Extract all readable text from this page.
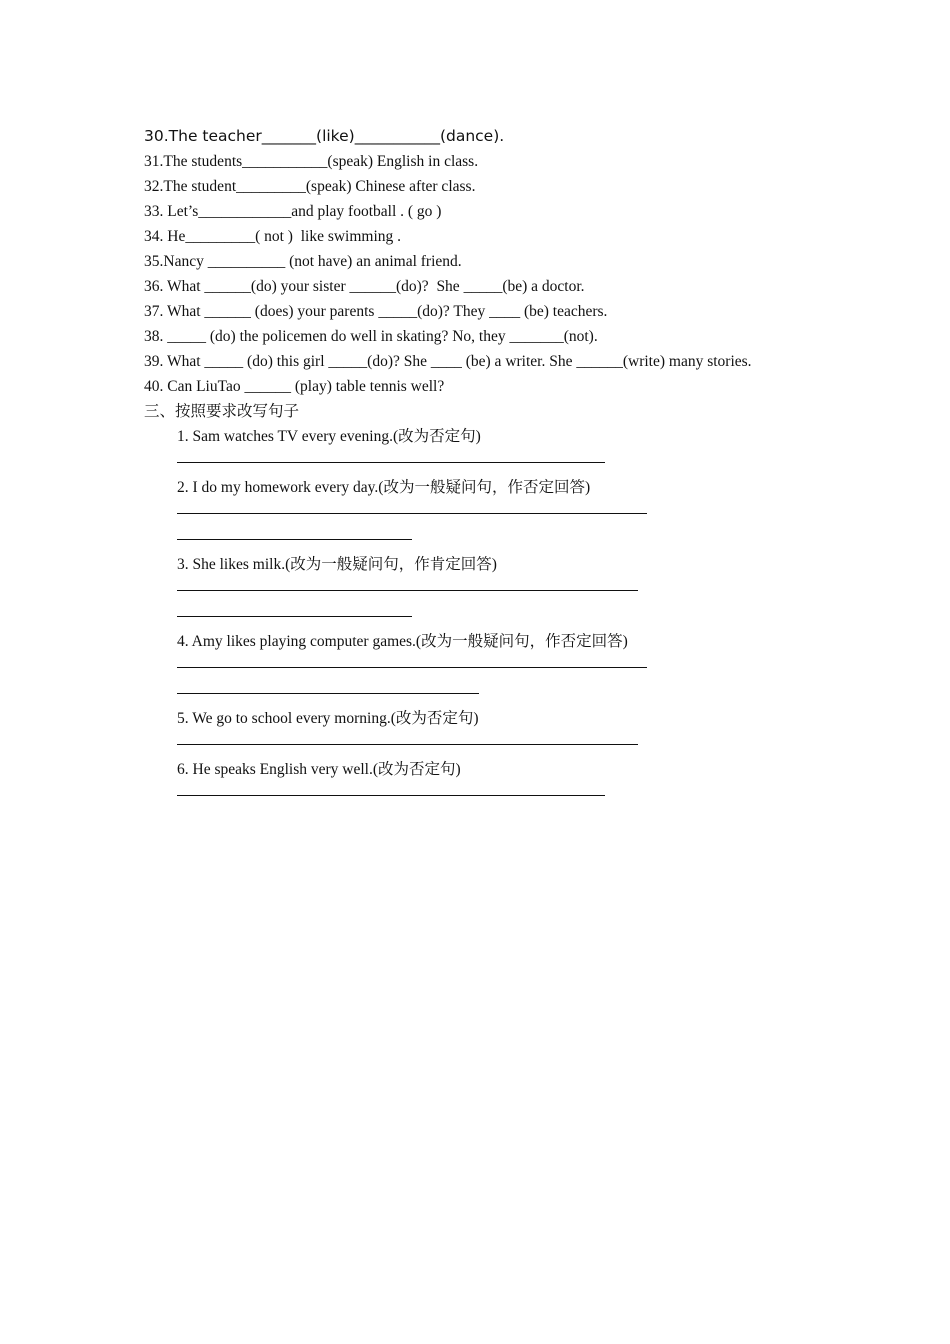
30.The teacher_______(like)___________(dance).
31.The students___________(speak) English in class.
32.The student_________(speak) Chinese after class.
33. Let’s____________and play football . ( go )
34. He_________( not )  like swimming .
35.Nancy __________ (not have) an animal friend.
36. What ______(do) your sister ______(do)?  She _____(be) a doctor.
37. What ______ (does) your parents _____(do)? They ____ (be) teachers.
38. _____ (do) the policemen do well in skating? No, they _______(not).
39. What _____ (do) this girl _____(do)? She ____ (be) a writer. She ______(write) many stories.
40. Can LiuTao ______ (play) table tennis well?
三、按照要求改写句子
1. Sam watches TV every evening.(改为否定句)
2. I do my homework every day.(改为一般疑问句，作否定回答)
3. She likes milk.(改为一般疑问句，作肯定回答)
4. Amy likes playing computer games.(改为一般疑问句，作否定回答)
5. We go to school every morning.(改为否定句)
6. He speaks English very well.(改为否定句)
